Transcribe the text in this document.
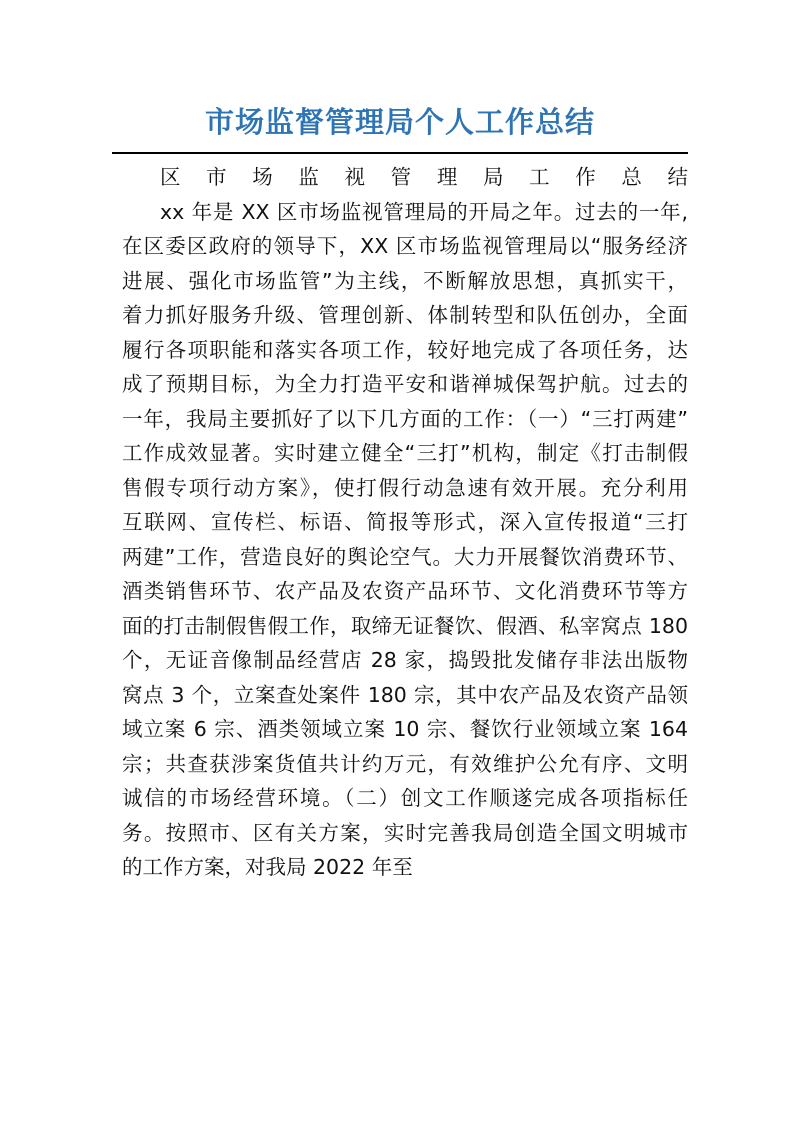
市场监督管理局个人工作总结
区市场监视管理局工作总结
xx 年是 XX 区市场监视管理局的开局之年。过去的一年,
在区委区政府的领导下，XX 区市场监视管理局以“服务经济
进展、强化市场监管”为主线，不断解放思想，真抓实干，
着力抓好服务升级、管理创新、体制转型和队伍创办，全面
履行各项职能和落实各项工作，较好地完成了各项任务，达
成了预期目标，为全力打造平安和谐禅城保驾护航。过去的
一年，我局主要抓好了以下几方面的工作：（一）“三打两建”
工作成效显著。实时建立健全“三打”机构，制定《打击制假
售假专项行动方案》，使打假行动急速有效开展。充分利用
互联网、宣传栏、标语、简报等形式，深入宣传报道“三打
两建”工作，营造良好的舆论空气。大力开展餐饮消费环节、
酒类销售环节、农产品及农资产品环节、文化消费环节等方
面的打击制假售假工作，取缔无证餐饮、假酒、私宰窝点 180
个，无证音像制品经营店 28 家，捣毁批发储存非法出版物
窝点 3 个，立案查处案件 180 宗，其中农产品及农资产品领
域立案 6 宗、酒类领域立案 10 宗、餐饮行业领域立案 164
宗；共查获涉案货值共计约万元，有效维护公允有序、文明
诚信的市场经营环境。（二）创文工作顺遂完成各项指标任
务。按照市、区有关方案，实时完善我局创造全国文明城市
的工作方案，对我局 2022 年至
